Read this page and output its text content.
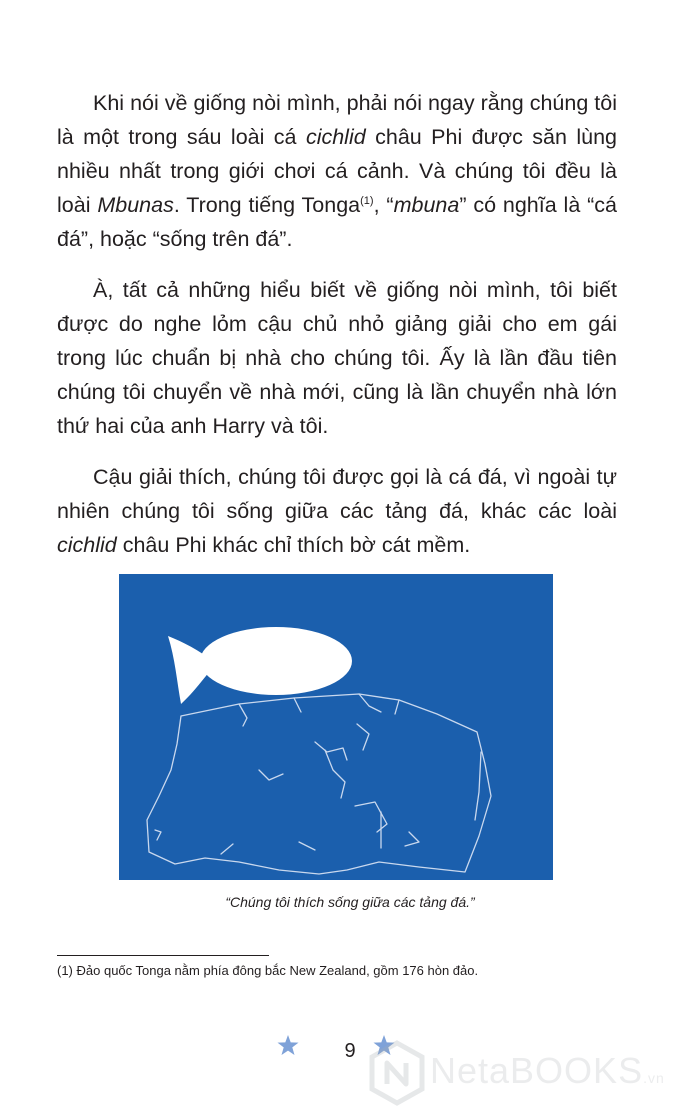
Khi nói về giống nòi mình, phải nói ngay rằng chúng tôi là một trong sáu loài cá cichlid châu Phi được săn lùng nhiều nhất trong giới chơi cá cảnh. Và chúng tôi đều là loài Mbunas. Trong tiếng Tonga$^{(1)}$, “mbuna” có nghĩa là “cá đá”, hoặc “sống trên đá”.

À, tất cả những hiểu biết về giống nòi mình, tôi biết được do nghe lỏm cậu chủ nhỏ giảng giải cho em gái trong lúc chuẩn bị nhà cho chúng tôi. Ấy là lần đầu tiên chúng tôi chuyển về nhà mới, cũng là lần chuyển nhà lớn thứ hai của anh Harry và tôi.

Cậu giải thích, chúng tôi được gọi là cá đá, vì ngoài tự nhiên chúng tôi sống giữa các tảng đá, khác các loài cichlid châu Phi khác chỉ thích bờ cát mềm.

“Chúng tôi thích sống giữa các tảng đá.”
(1) Đảo quốc Tonga nằm phía đông bắc New Zealand, gồm 176 hòn đảo.
9	NetaBOOKS.vn
